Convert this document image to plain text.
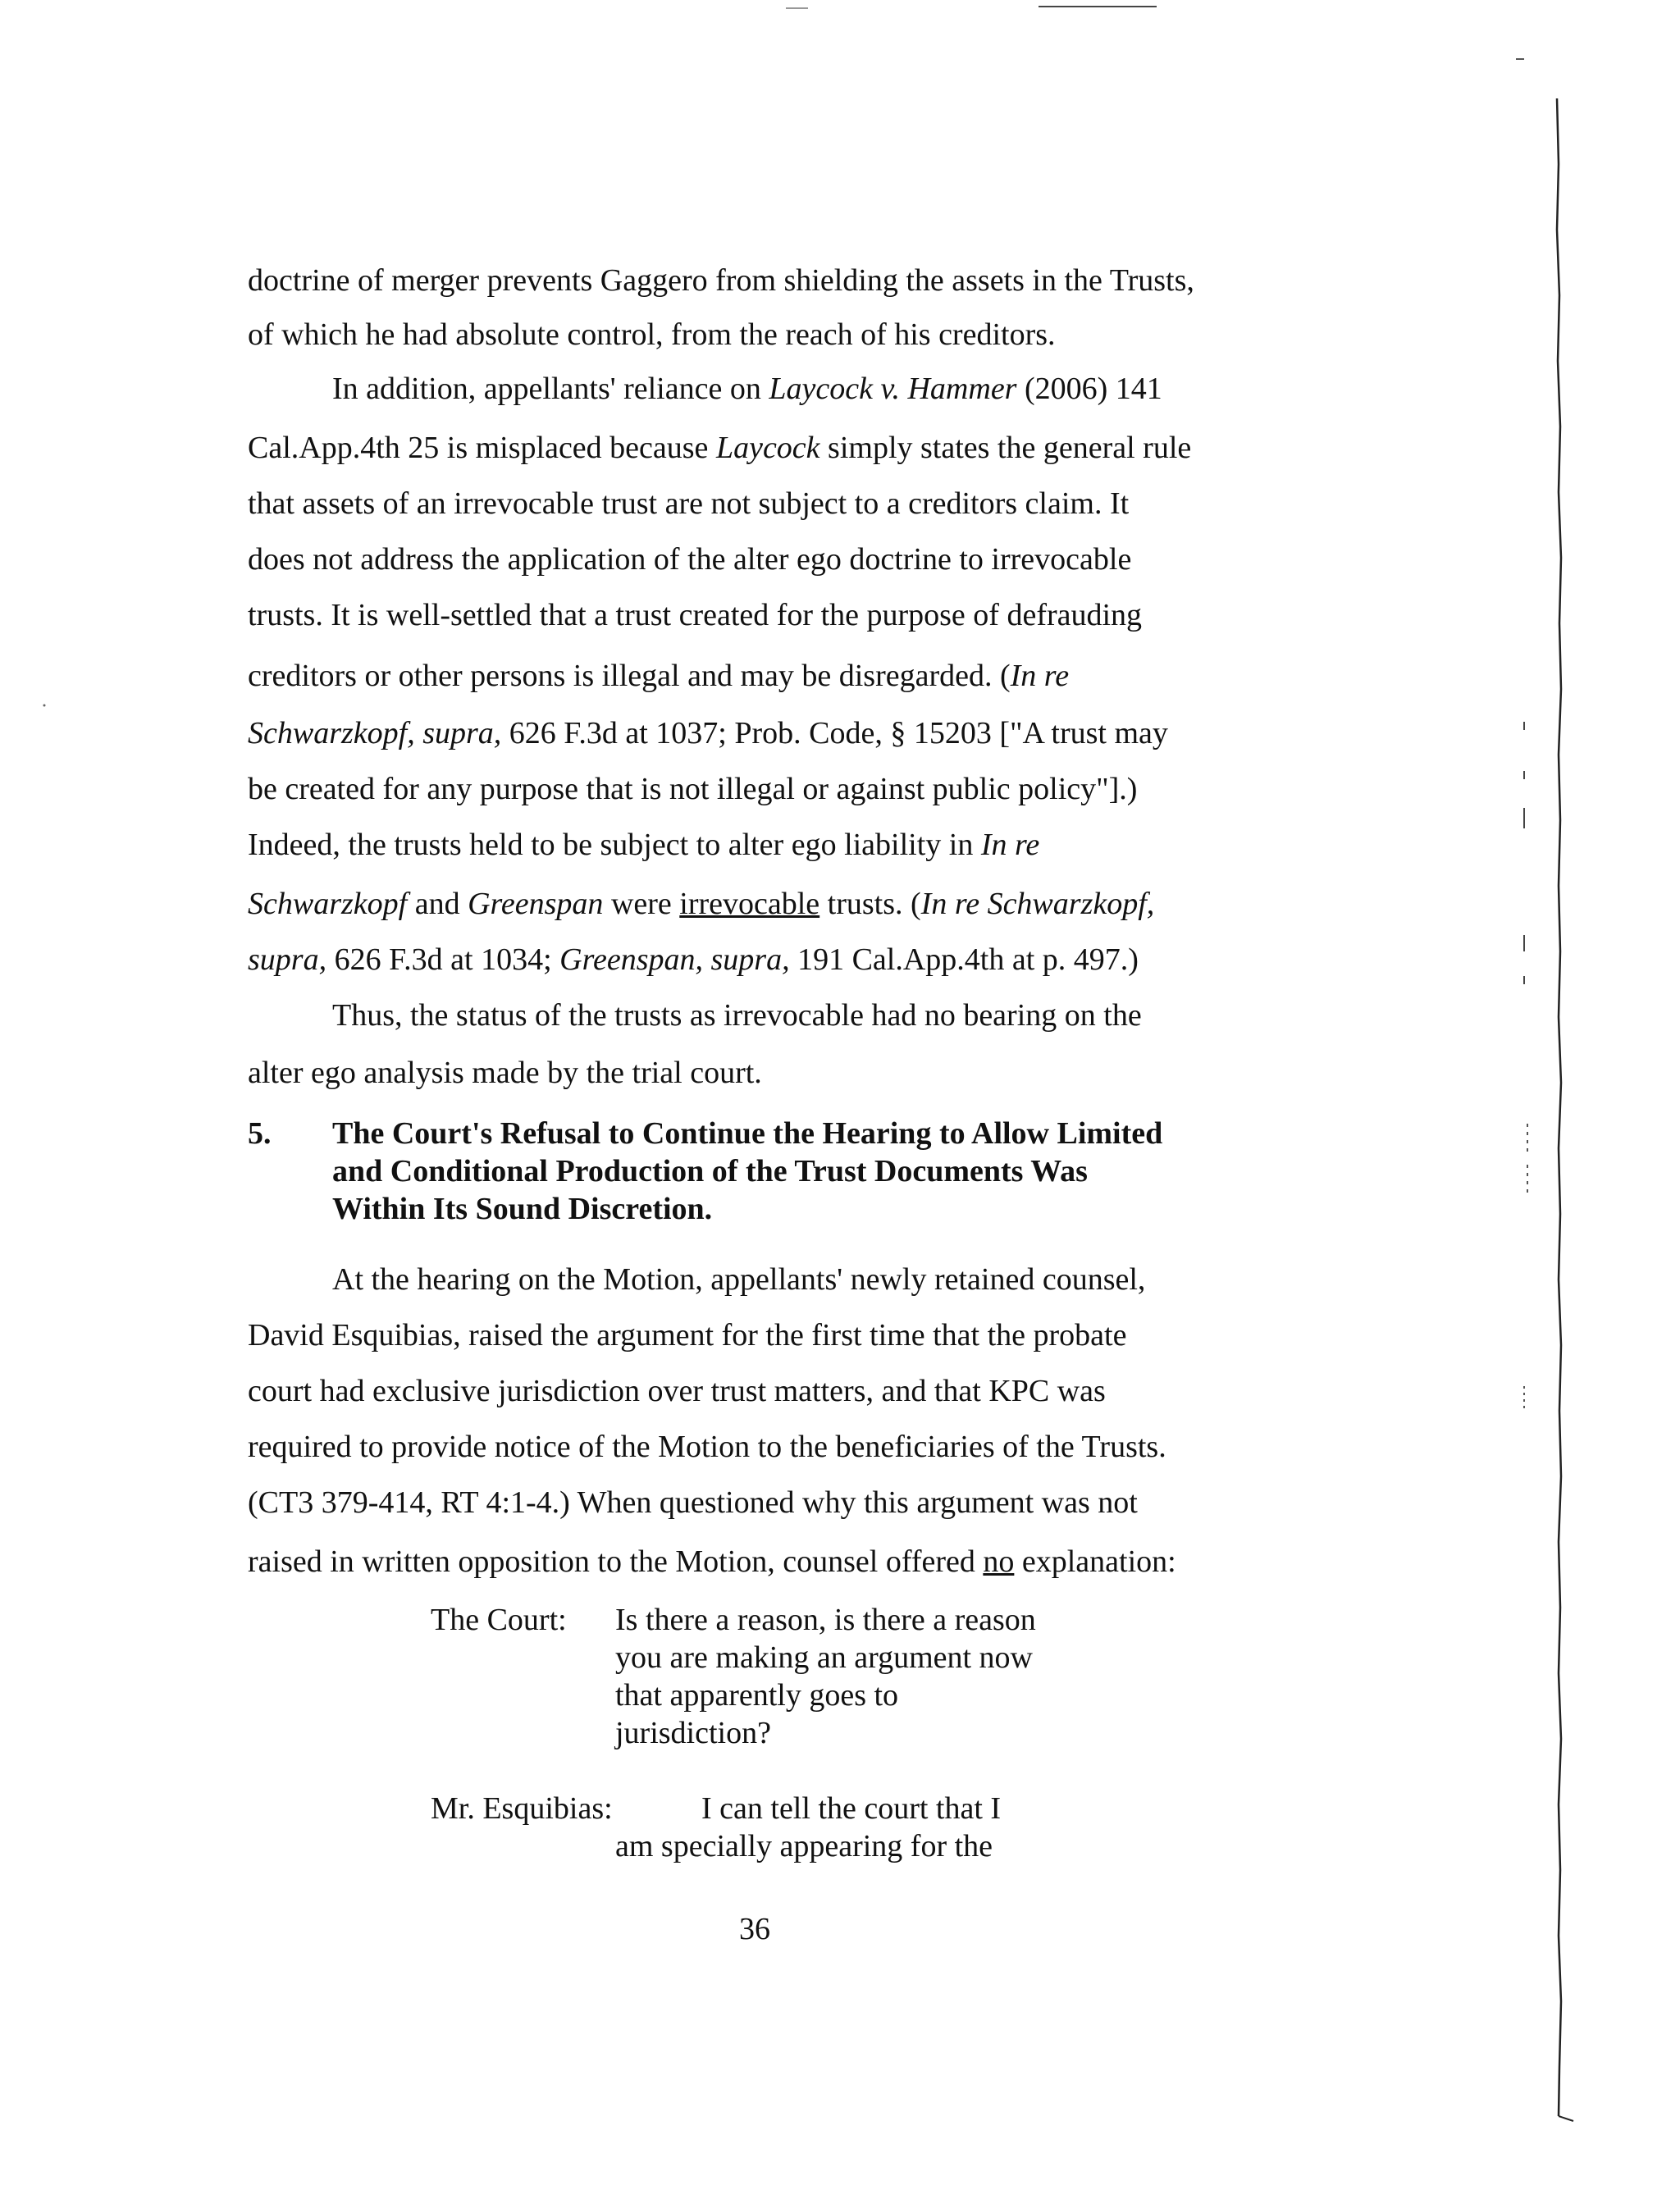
doctrine of merger prevents Gaggero from shielding the assets in the Trusts,

of which he had absolute control, from the reach of his creditors.

In addition, appellants' reliance on Laycock v. Hammer (2006) 141

Cal.App.4th 25 is misplaced because Laycock simply states the general rule

that assets of an irrevocable trust are not subject to a creditors claim. It

does not address the application of the alter ego doctrine to irrevocable

trusts. It is well-settled that a trust created for the purpose of defrauding

creditors or other persons is illegal and may be disregarded. (In re

Schwarzkopf, supra, 626 F.3d at 1037; Prob. Code, § 15203 ["A trust may

be created for any purpose that is not illegal or against public policy"].)

Indeed, the trusts held to be subject to alter ego liability in In re

Schwarzkopf and Greenspan were irrevocable trusts. (In re Schwarzkopf,

supra, 626 F.3d at 1034; Greenspan, supra, 191 Cal.App.4th at p. 497.)

Thus, the status of the trusts as irrevocable had no bearing on the

alter ego analysis made by the trial court.

5. The Court's Refusal to Continue the Hearing to Allow Limited
and Conditional Production of the Trust Documents Was
Within Its Sound Discretion.

At the hearing on the Motion, appellants' newly retained counsel,

David Esquibias, raised the argument for the first time that the probate

court had exclusive jurisdiction over trust matters, and that KPC was

required to provide notice of the Motion to the beneficiaries of the Trusts.

(CT3 379-414, RT 4:1-4.) When questioned why this argument was not

raised in written opposition to the Motion, counsel offered no explanation:

The Court: Is there a reason, is there a reason
you are making an argument now
that apparently goes to
jurisdiction?
Mr. Esquibias:	I can tell the court that I
am specially appearing for the
36
